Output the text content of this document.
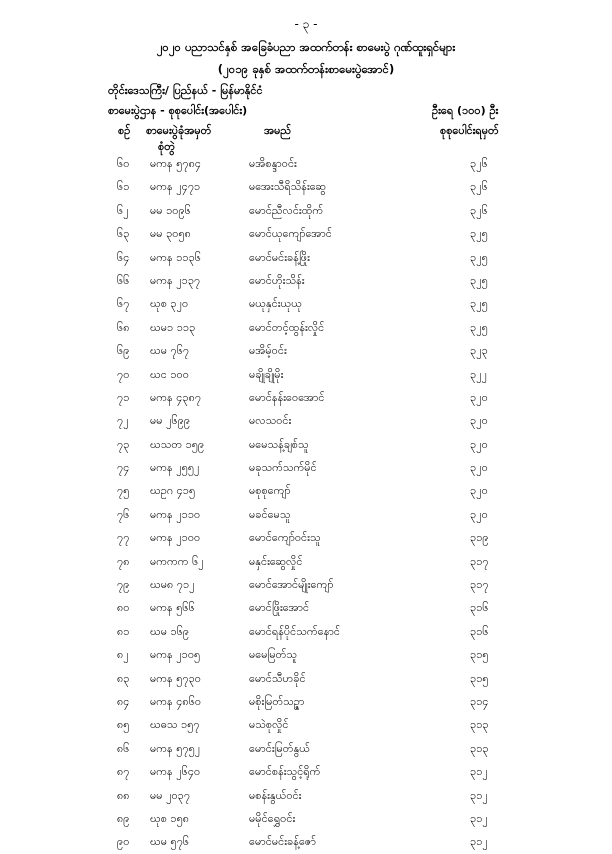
- ၃ -
၂၀၂၀ ပညာသင်နှစ် အခြေခံပညာ အထက်တန်း စာမေးပွဲ ဂုဏ်ထူးရှင်များ
(၂၀၁၉ ခုနှစ် အထက်တန်းစာမေးပွဲအောင်)
တိုင်းဒေသကြီး/ ပြည်နယ် - မြန်မာနိုင်ငံ
စာမေးပွဲဌာန - စုစုပေါင်း(အပေါင်း)	ဦးရေ (၁၀၀) ဦး
စဉ် စာမေးပွဲခုံအမှတ်
စုံတွဲ
အမည်	စုစုပေါင်းရမှတ်
၆၀ မကန ၅၇၈၄	မအိစန္ဒာဝင်း	၃၂၆
၆၁ မကန ၂၄၇၁	မအေးသီရိသိန်းဆွေ	၃၂၆
၆၂ မမ ၁၀၉၆	မောင်ညီလင်းထိုက်	၃၂၆
၆၃ မမ ၃၀၅၈	မောင်ယုကျော်အောင်	၃၂၅
၆၄ မကန ၁၁၃၆	မောင်မင်းခန့်ဖြိုး	၃၂၅
၆၆ မကန ၂၁၃၇	မောင်ဟိုးသိန်း	၃၂၅
၆၇ ဃုစ ၃၂၀	မယုနှင်းယုယု	၃၂၅
၆၈ ဃမ၁ ၁၁၃	မောင်တင့်ထွန်းလှိုင်	၃၂၅
၆၉ ဃမ ၇၆၇	မအိမ့်ဝင်း	၃၂၃
၇၀ ဃင ၁၀၀	မချိုချိုမိုး	၃၂၂
၇၁ မကန ၄၃၈၇	မောင်နန်းဝေအောင်	၃၂၀
၇၂ မမ ၂၆၉၉	မလသဝင်း	၃၂၀
၇၃ ဃသတ ၁၅၉	မမေသန့်ချစ်သူ	၃၂၀
၇၄ မကန ၂၅၅၂	မခုသက်သက်မိုင်	၃၂၀
၇၅ ဃဥဂ ၄၁၅	မစုစုကျော်	၃၂၀
၇၆ မကန ၂၁၁၀	မခင်မေသူ	၃၂၀
၇၇ မကန ၂၁၀၀	မောင်ကျော်ဝင်းသူ	၃၁၉
၇၈ မကကက ၆၂	မနှင်းဆွေလှိုင်	၃၁၇
၇၉ ဃမ၈ ၇၁၂	မောင်အောင်မျိုးကျော်	၃၁၇
၈၀ မကန ၅၆၆	မောင်ဖြိုးအောင်	၃၁၆
၈၁ ဃမ ၁၆၉	မောင်ရန်ပိုင်သက်နောင်	၃၁၆
၈၂ မကန ၂၁၀၅	မမေမြတ်သူ	၃၁၅
၈၃ မကန ၅၇၃၀	မောင်သီဟခိုင်	၃၁၅
၈၄ မကန ၄၈၆၀	မစိုးမြတ်သဉ္ဇာ	၃၁၄
၈၅ ဃဓသ ၁၅၇	မသဲစုလှိုင်	၃၁၃
၈၆ မကန ၅၇၅၂	မောင်းမြတ်နွယ်	၃၁၃
၈၇ မကန ၂၆၄၀	မောင်စန်းသွင့်ရိုက်	၃၁၂
၈၈ မမ ၂၀၃၇	မစန်းနွယ်ဝင်း	၃၁၂
၈၉ ဃုစ ၁၅၈	မမိုင်ရွှေဝင်း	၃၁၂
၉၀ ဃမ ၅၇၆	မောင်မင်းခန့်ဇော်	၃၁၂
